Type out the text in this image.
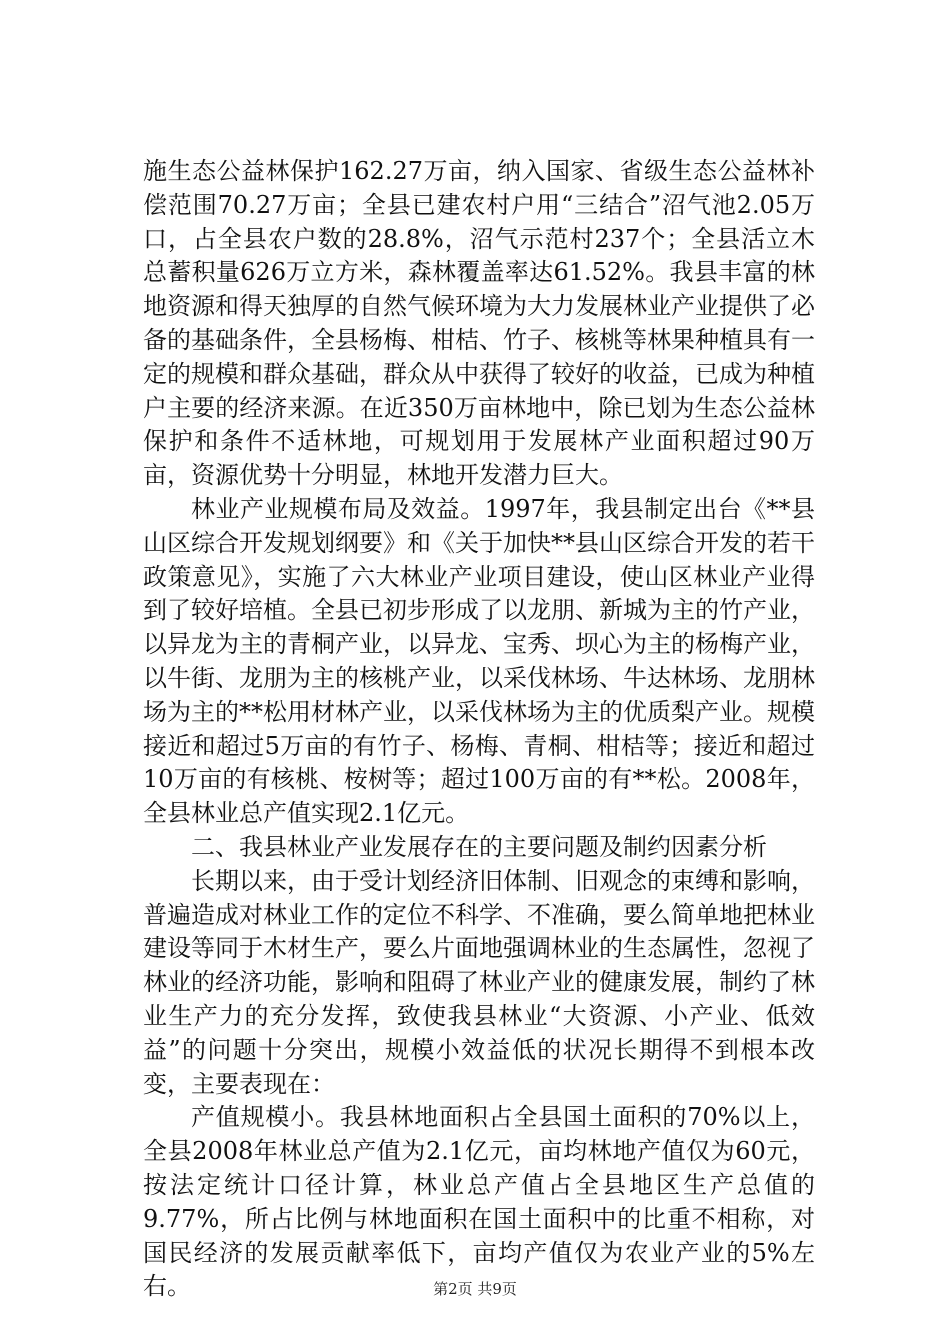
施生态公益林保护162.27万亩，纳入国家、省级生态公益林补偿范围70.27万亩；全县已建农村户用“三结合”沼气池2.05万口，占全县农户数的28.8%，沼气示范村237个；全县活立木总蓄积量626万立方米，森林覆盖率达61.52%。我县丰富的林地资源和得天独厚的自然气候环境为大力发展林业产业提供了必备的基础条件，全县杨梅、柑桔、竹子、核桃等林果种植具有一定的规模和群众基础，群众从中获得了较好的收益，已成为种植户主要的经济来源。在近350万亩林地中，除已划为生态公益林保护和条件不适林地，可规划用于发展林产业面积超过90万亩，资源优势十分明显，林地开发潜力巨大。

林业产业规模布局及效益。1997年，我县制定出台《**县山区综合开发规划纲要》和《关于加快**县山区综合开发的若干政策意见》，实施了六大林业产业项目建设，使山区林业产业得到了较好培植。全县已初步形成了以龙朋、新城为主的竹产业，以异龙为主的青桐产业，以异龙、宝秀、坝心为主的杨梅产业，以牛街、龙朋为主的核桃产业，以采伐林场、牛达林场、龙朋林场为主的**松用材林产业，以采伐林场为主的优质梨产业。规模接近和超过5万亩的有竹子、杨梅、青桐、柑桔等；接近和超过10万亩的有核桃、桉树等；超过100万亩的有**松。2008年，全县林业总产值实现2.1亿元。

二、我县林业产业发展存在的主要问题及制约因素分析

长期以来，由于受计划经济旧体制、旧观念的束缚和影响，普遍造成对林业工作的定位不科学、不准确，要么简单地把林业建设等同于木材生产，要么片面地强调林业的生态属性，忽视了林业的经济功能，影响和阻碍了林业产业的健康发展，制约了林业生产力的充分发挥，致使我县林业“大资源、小产业、低效益”的问题十分突出，规模小效益低的状况长期得不到根本改变，主要表现在：

产值规模小。我县林地面积占全县国土面积的70%以上，全县2008年林业总产值为2.1亿元，亩均林地产值仅为60元，按法定统计口径计算，林业总产值占全县地区生产总值的9.77%，所占比例与林地面积在国土面积中的比重不相称，对国民经济的发展贡献率低下，亩均产值仅为农业产业的5%左右。	第2页 共9页
